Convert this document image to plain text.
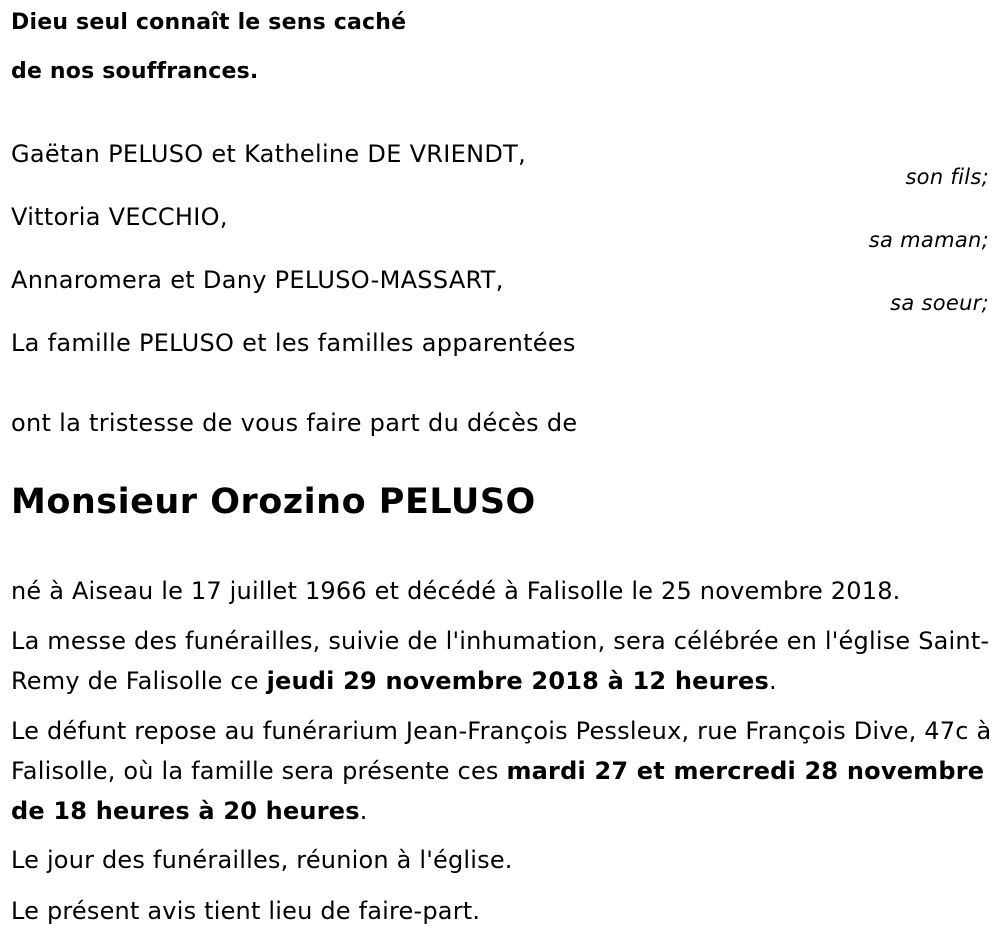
Dieu seul connaît le sens caché
de nos souffrances.
Gaëtan PELUSO et Katheline DE VRIENDT,
son fils;
Vittoria VECCHIO,
sa maman;
Annaromera et Dany PELUSO-MASSART,
sa soeur;
La famille PELUSO et les familles apparentées
ont la tristesse de vous faire part du décès de
Monsieur Orozino PELUSO
né à Aiseau le 17 juillet 1966 et décédé à Falisolle le 25 novembre 2018.
La messe des funérailles, suivie de l'inhumation, sera célébrée en l'église Saint-Remy de Falisolle ce jeudi 29 novembre 2018 à 12 heures.
Le défunt repose au funérarium Jean-François Pessleux, rue François Dive, 47c à Falisolle, où la famille sera présente ces mardi 27 et mercredi 28 novembre de 18 heures à 20 heures.
Le jour des funérailles, réunion à l'église.
Le présent avis tient lieu de faire-part.
